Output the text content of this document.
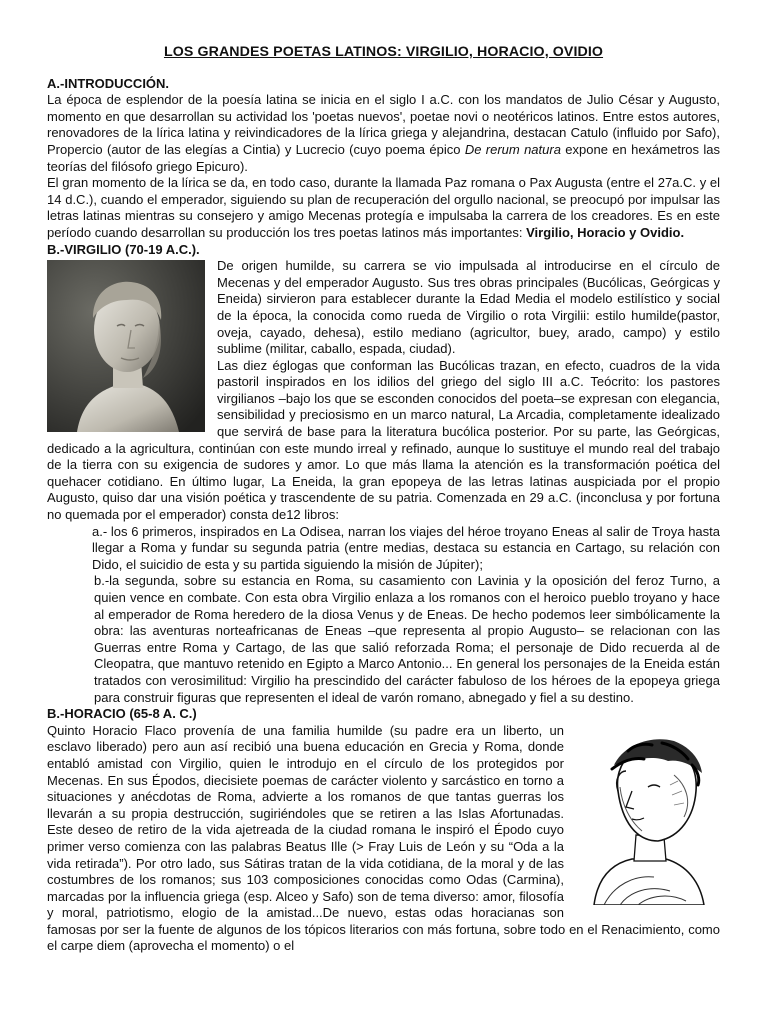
LOS GRANDES POETAS LATINOS: VIRGILIO, HORACIO, OVIDIO
A.-INTRODUCCIÓN.

La época de esplendor de la poesía latina se inicia en el siglo I a.C. con los mandatos de Julio César y Augusto, momento en que desarrollan su actividad los 'poetas nuevos', poetae novi o neotéricos latinos. Entre estos autores, renovadores de la lírica latina y reivindicadores de la lírica griega y alejandrina, destacan Catulo (influido por Safo), Propercio (autor de las elegías a Cintia) y Lucrecio (cuyo poema épico De rerum natura expone en hexámetros las teorías del filósofo griego Epicuro).

El gran momento de la lírica se da, en todo caso, durante la llamada Paz romana o Pax Augusta (entre el 27a.C. y el 14 d.C.), cuando el emperador, siguiendo su plan de recuperación del orgullo nacional, se preocupó por impulsar las letras latinas mientras su consejero y amigo Mecenas protegía e impulsaba la carrera de los creadores. Es en este período cuando desarrollan su producción los tres poetas latinos más importantes: Virgilio, Horacio y Ovidio.

B.-VIRGILIO (70-19 A.C.).

De origen humilde, su carrera se vio impulsada al introducirse en el círculo de Mecenas y del emperador Augusto. Sus tres obras principales (Bucólicas, Geórgicas y Eneida) sirvieron para establecer durante la Edad Media el modelo estilístico y social de la época, la conocida como rueda de Virgilio o rota Virgilii: estilo humilde(pastor, oveja, cayado, dehesa), estilo mediano (agricultor, buey, arado, campo) y estilo sublime (militar, caballo, espada, ciudad).

Las diez églogas que conforman las Bucólicas trazan, en efecto, cuadros de la vida pastoril inspirados en los idilios del griego del siglo III a.C. Teócrito: los pastores virgilianos –bajo los que se esconden conocidos del poeta–se expresan con elegancia, sensibilidad y preciosismo en un marco natural, La Arcadia, completamente idealizado que servirá de base para la literatura bucólica posterior. Por su parte, las Geórgicas, dedicado a la agricultura, continúan con este mundo irreal y refinado, aunque lo sustituye el mundo real del trabajo de la tierra con su exigencia de sudores y amor. Lo que más llama la atención es la transformación poética del quehacer cotidiano. En último lugar, La Eneida, la gran epopeya de las letras latinas auspiciada por el propio Augusto, quiso dar una visión poética y trascendente de su patria. Comenzada en 29 a.C. (inconclusa y por fortuna no quemada por el emperador) consta de12 libros:

a.- los 6 primeros, inspirados en La Odisea, narran los viajes del héroe troyano Eneas al salir de Troya hasta llegar a Roma y fundar su segunda patria (entre medias, destaca su estancia en Cartago, su relación con Dido, el suicidio de esta y su partida siguiendo la misión de Júpiter);

b.-la segunda, sobre su estancia en Roma, su casamiento con Lavinia y la oposición del feroz Turno, a quien vence en combate. Con esta obra Virgilio enlaza a los romanos con el heroico pueblo troyano y hace al emperador de Roma heredero de la diosa Venus y de Eneas. De hecho podemos leer simbólicamente la obra: las aventuras norteafricanas de Eneas –que representa al propio Augusto– se relacionan con las Guerras entre Roma y Cartago, de las que salió reforzada Roma; el personaje de Dido recuerda al de Cleopatra, que mantuvo retenido en Egipto a Marco Antonio... En general los personajes de la Eneida están tratados con verosimilitud: Virgilio ha prescindido del carácter fabuloso de los héroes de la epopeya griega para construir figuras que representen el ideal de varón romano, abnegado y fiel a su destino.

B.-HORACIO (65-8 A. C.)

Quinto Horacio Flaco provenía de una familia humilde (su padre era un liberto, un esclavo liberado) pero aun así recibió una buena educación en Grecia y Roma, donde entabló amistad con Virgilio, quien le introdujo en el círculo de los protegidos por Mecenas. En sus Épodos, diecisiete poemas de carácter violento y sarcástico en torno a situaciones y anécdotas de Roma, advierte a los romanos de que tantas guerras los llevarán a su propia destrucción, sugiriéndoles que se retiren a las Islas Afortunadas. Este deseo de retiro de la vida ajetreada de la ciudad romana le inspiró el Épodo cuyo primer verso comienza con las palabras Beatus Ille (> Fray Luis de León y su “Oda a la vida retirada”). Por otro lado, sus Sátiras tratan de la vida cotidiana, de la moral y de las costumbres de los romanos; sus 103 composiciones conocidas como Odas (Carmina), marcadas por la influencia griega (esp. Alceo y Safo) son de tema diverso: amor, filosofía y moral, patriotismo, elogio de la amistad...De nuevo, estas odas horacianas son famosas por ser la fuente de algunos de los tópicos literarios con más fortuna, sobre todo en el Renacimiento, como el carpe diem (aprovecha el momento) o el
